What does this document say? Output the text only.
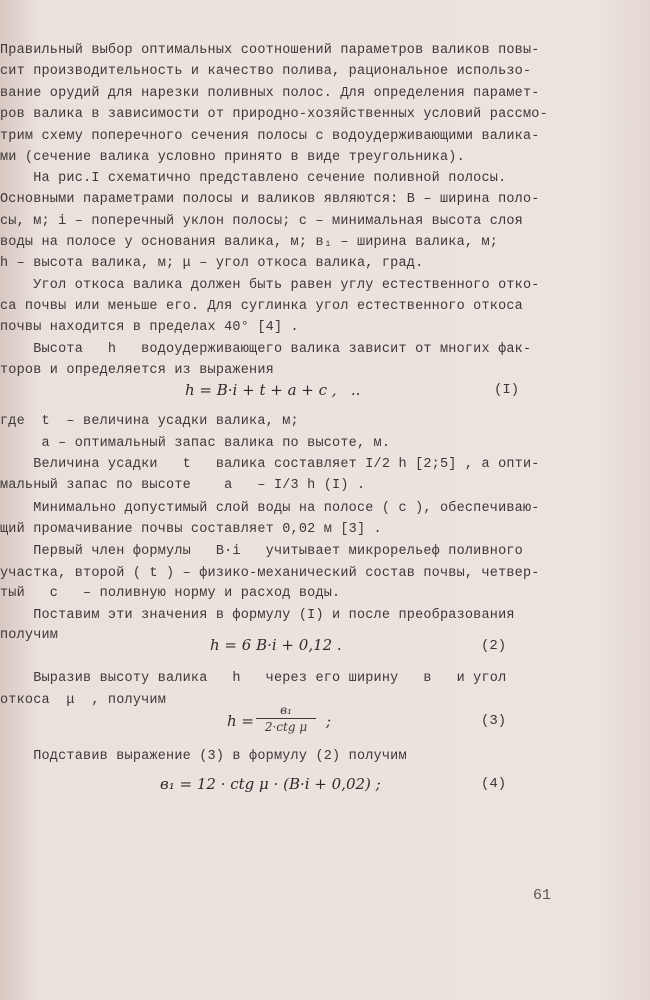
Правильный выбор оптимальных соотношений параметров валиков повы-
сит производительность и качество полива, рациональное использо-
вание орудий для нарезки поливных полос. Для определения парамет-
ров валика в зависимости от природно-хозяйственных условий рассмо-
трим схему поперечного сечения полосы с водоудерживающими валика-
ми (сечение валика условно принято в виде треугольника).
На рис.I схематично представлено сечение поливной полосы.
Основными параметрами полосы и валиков являются: В – ширина поло-
сы, м; i – поперечный уклон полосы; c – минимальная высота слоя
воды на полосе у основания валика, м; в₁ – ширина валика, м;
h – высота валика, м; μ – угол откоса валика, град.
Угол откоса валика должен быть равен углу естественного отко-
са почвы или меньше его. Для суглинка угол естественного откоса
почвы находится в пределах 40° [4] .
Высота   h   водоудерживающего валика зависит от многих фак-
торов и определяется из выражения
h = B·i + t + a + c ,   ..	(I)
где  t  – величина усадки валика, м;
a – оптимальный запас валика по высоте, м.
Величина усадки   t   валика составляет I/2 h [2;5] , а опти-
мальный запас по высоте    a   – I/3 h (I) .
Минимально допустимый слой воды на полосе ( c ), обеспечиваю-
щий промачивание почвы составляет 0,02 м [3] .
Первый член формулы   B·i   учитывает микрорельеф поливного
участка, второй ( t ) – физико-механический состав почвы, четвер-
тый   c   – поливную норму и расход воды.
Поставим эти значения в формулу (I) и после преобразования
получим
h = 6 B·i + 0,12 .	(2)
Выразив высоту валика   h   через его ширину   в   и угол
откоса  μ  , получим
h =
в₁
2·ctg μ	;	(3)
Подставив выражение (3) в формулу (2) получим
в₁ = 12 · ctg μ · (B·i + 0,02) ;	(4)
61
